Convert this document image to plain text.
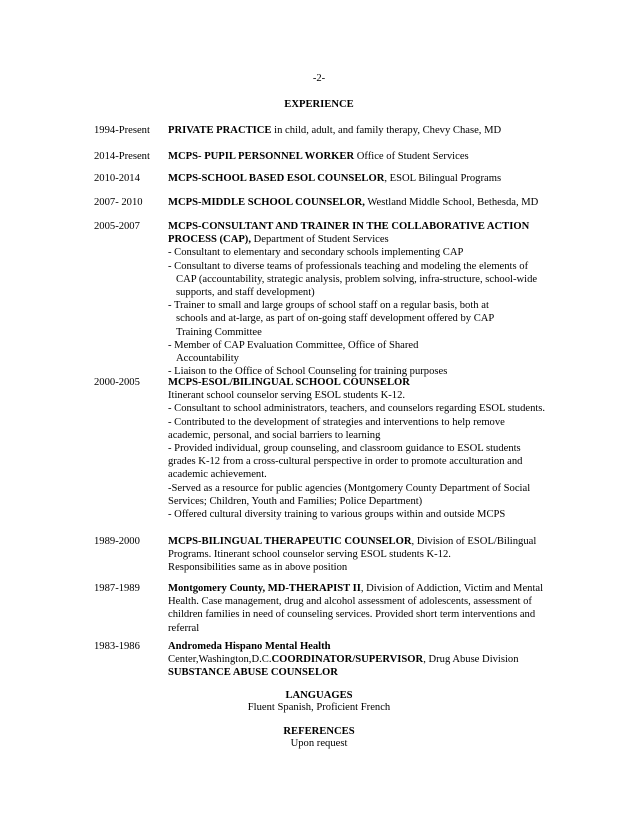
-2-
EXPERIENCE
1994-Present	PRIVATE PRACTICE in child, adult, and family therapy, Chevy Chase, MD
2014-Present	MCPS- PUPIL PERSONNEL WORKER Office of Student Services
2010-2014	MCPS-SCHOOL BASED ESOL COUNSELOR, ESOL Bilingual Programs
2007- 2010	MCPS-MIDDLE SCHOOL COUNSELOR, Westland Middle School, Bethesda, MD
2005-2007	MCPS-CONSULTANT AND TRAINER IN THE COLLABORATIVE ACTION
PROCESS (CAP), Department of Student Services
- Consultant to elementary and secondary schools implementing CAP
- Consultant to diverse teams of professionals teaching and modeling the elements of
CAP (accountability, strategic analysis, problem solving, infra-structure, school-wide
supports, and staff development)
- Trainer to small and large groups of school staff on a regular basis, both at
schools and at-large, as part of on-going staff development offered by CAP
Training Committee
- Member of CAP Evaluation Committee, Office of Shared
Accountability
- Liaison to the Office of School Counseling for training purposes
2000-2005	MCPS-ESOL/BILINGUAL SCHOOL COUNSELOR
Itinerant school counselor serving ESOL students K-12.
- Consultant to school administrators, teachers, and counselors regarding ESOL students.
- Contributed to the development of strategies and interventions to help remove
academic, personal, and social barriers to learning
- Provided individual, group counseling, and classroom guidance to ESOL students
grades K-12 from a cross-cultural perspective in order to promote acculturation and
academic achievement.
-Served as a resource for public agencies (Montgomery County Department of Social
Services; Children, Youth and Families; Police Department)
- Offered cultural diversity training to various groups within and outside MCPS
1989-2000	MCPS-BILINGUAL THERAPEUTIC COUNSELOR, Division of ESOL/Bilingual
Programs. Itinerant school counselor serving ESOL students K-12.
Responsibilities same as in above position
1987-1989	Montgomery County, MD-THERAPIST II, Division of Addiction, Victim and Mental
Health. Case management, drug and alcohol assessment of adolescents, assessment of
children families in need of counseling services. Provided short term interventions and
referral
1983-1986	Andromeda Hispano Mental Health
Center,Washington,D.C.COORDINATOR/SUPERVISOR, Drug Abuse Division
SUBSTANCE ABUSE COUNSELOR
LANGUAGES
Fluent Spanish, Proficient French
REFERENCES
Upon request
